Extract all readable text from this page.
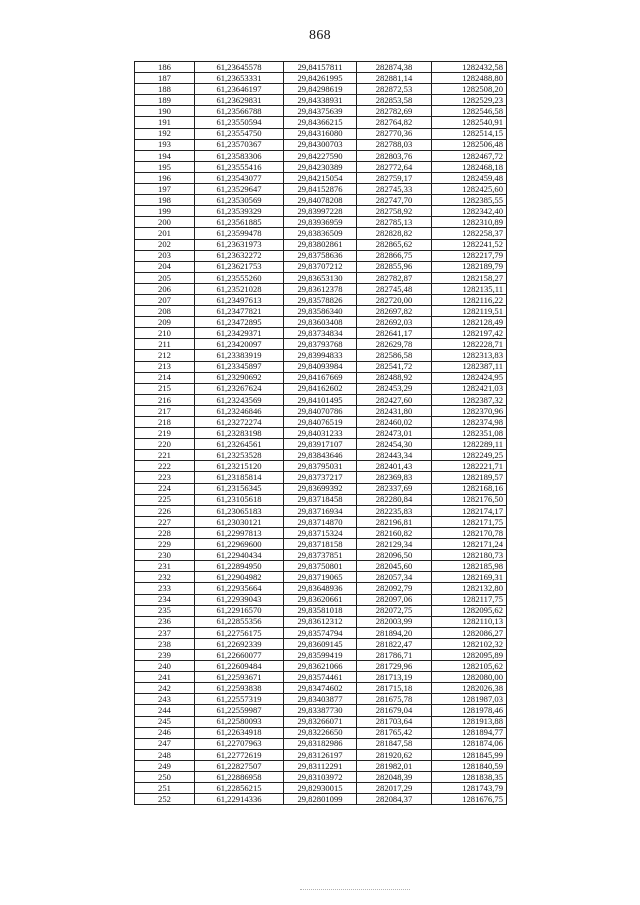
868
186	61,23645578	29,84157811	282874,38	1282432,58
187	61,23653331	29,84261995	282881,14	1282488,80
188	61,23646197	29,84298619	282872,53	1282508,20
189	61,23629831	29,84338931	282853,58	1282529,23
190	61,23566788	29,84375639	282782,69	1282546,58
191	61,23550594	29,84366215	282764,82	1282540,91
192	61,23554750	29,84316080	282770,36	1282514,15
193	61,23570367	29,84300703	282788,03	1282506,48
194	61,23583306	29,84227590	282803,76	1282467,72
195	61,23555416	29,84230389	282772,64	1282468,18
196	61,23543077	29,84215054	282759,17	1282459,48
197	61,23529647	29,84152876	282745,33	1282425,60
198	61,23530569	29,84078208	282747,70	1282385,55
199	61,23539329	29,83997228	282758,92	1282342,40
200	61,23561885	29,83936959	282785,13	1282310,89
201	61,23599478	29,83836509	282828,82	1282258,37
202	61,23631973	29,83802861	282865,62	1282241,52
203	61,23632272	29,83758636	282866,75	1282217,79
204	61,23621753	29,83707212	282855,96	1282189,79
205	61,23555260	29,83653130	282782,87	1282158,27
206	61,23521028	29,83612378	282745,48	1282135,11
207	61,23497613	29,83578826	282720,00	1282116,22
208	61,23477821	29,83586340	282697,82	1282119,51
209	61,23472895	29,83603408	282692,03	1282128,49
210	61,23429371	29,83734834	282641,17	1282197,42
211	61,23420097	29,83793768	282629,78	1282228,71
212	61,23383919	29,83994833	282586,58	1282313,83
213	61,23345897	29,84093984	282541,72	1282387,11
214	61,23290692	29,84167669	282488,92	1282424,95
215	61,23267624	29,84162602	282453,29	1282421,03
216	61,23243569	29,84101495	282427,60	1282387,32
217	61,23246846	29,84070786	282431,80	1282370,96
218	61,23272274	29,84076519	282460,02	1282374,98
219	61,23283198	29,84031233	282473,01	1282351,08
220	61,23264561	29,83917107	282454,30	1282289,11
221	61,23253528	29,83843646	282443,34	1282249,25
222	61,23215120	29,83795031	282401,43	1282221,71
223	61,23185814	29,83737217	282369,83	1282189,57
224	61,23156345	29,83699392	282337,69	1282168,16
225	61,23105618	29,83718458	282280,84	1282176,50
226	61,23065183	29,83716934	282235,83	1282174,17
227	61,23030121	29,83714870	282196,81	1282171,75
228	61,22997813	29,83715324	282160,82	1282170,78
229	61,22969600	29,83718158	282129,34	1282171,24
230	61,22940434	29,83737851	282096,50	1282180,73
231	61,22894950	29,83750801	282045,60	1282185,98
232	61,22904982	29,83719065	282057,34	1282169,31
233	61,22935664	29,83648936	282092,79	1282132,80
234	61,22939043	29,83620661	282097,06	1282117,75
235	61,22916570	29,83581018	282072,75	1282095,62
236	61,22855356	29,83612312	282003,99	1282110,13
237	61,22756175	29,83574794	281894,20	1282086,27
238	61,22692339	29,83609145	281822,47	1282102,32
239	61,22660077	29,83599419	281786,71	1282095,89
240	61,22609484	29,83621066	281729,96	1282105,62
241	61,22593671	29,83574461	281713,19	1282080,00
242	61,22593838	29,83474602	281715,18	1282026,38
243	61,22557319	29,83403877	281675,78	1281987,03
244	61,22559987	29,83387730	281679,04	1281978,46
245	61,22580093	29,83266071	281703,64	1281913,88
246	61,22634918	29,83226650	281765,42	1281894,77
247	61,22707963	29,83182986	281847,58	1281874,06
248	61,22772619	29,83126197	281920,62	1281845,99
249	61,22827507	29,83112291	281982,01	1281840,59
250	61,22886958	29,83103972	282048,39	1281838,35
251	61,22856215	29,82930015	282017,29	1281743,79
252	61,22914336	29,82801099	282084,37	1281676,75
